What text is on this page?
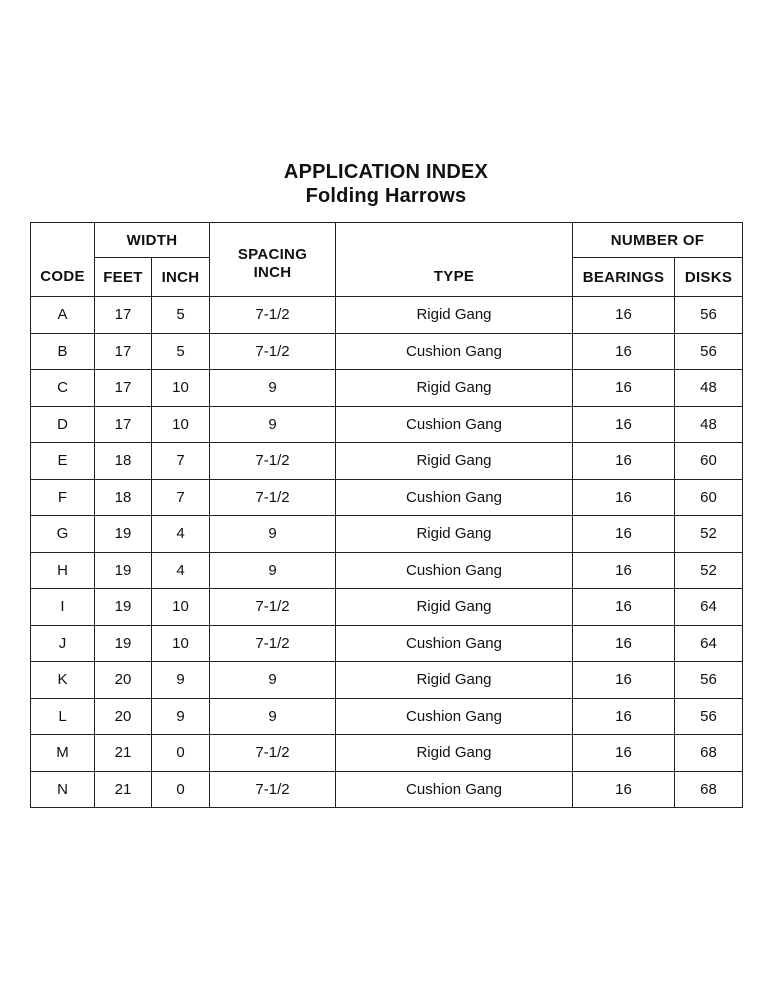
APPLICATION INDEX
Folding Harrows
CODE	WIDTH		SPACING INCH	TYPE	NUMBER OF	
	FEET	INCH			BEARINGS	DISKS
A	17	5	7-1/2	Rigid Gang	16	56
B	17	5	7-1/2	Cushion Gang	16	56
C	17	10	9	Rigid Gang	16	48
D	17	10	9	Cushion Gang	16	48
E	18	7	7-1/2	Rigid Gang	16	60
F	18	7	7-1/2	Cushion Gang	16	60
G	19	4	9	Rigid Gang	16	52
H	19	4	9	Cushion Gang	16	52
I	19	10	7-1/2	Rigid Gang	16	64
J	19	10	7-1/2	Cushion Gang	16	64
K	20	9	9	Rigid Gang	16	56
L	20	9	9	Cushion Gang	16	56
M	21	0	7-1/2	Rigid Gang	16	68
N	21	0	7-1/2	Cushion Gang	16	68
